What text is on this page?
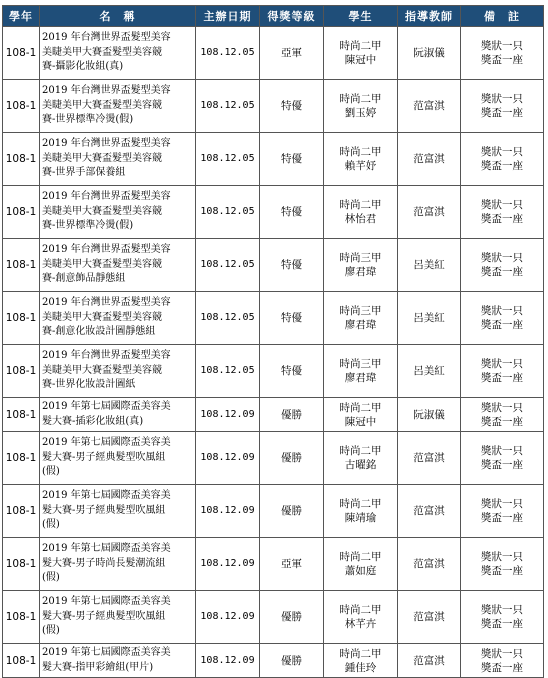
學年	名　稱	主辦日期	得獎等級	學生	指導教師	備　註
108-1	2019 年台灣世界盃髮型美容
美睫美甲大賽盃髮型美容競
賽-攝影化妝組(真)	108.12.05	亞軍	時尚二甲
陳冠中	阮淑儀	獎狀一只
獎盃一座

108-1	2019 年台灣世界盃髮型美容
美睫美甲大賽盃髮型美容競
賽-世界標準冷燙(假)	108.12.05	特優	時尚二甲
劉玉婷	范富淇	獎狀一只
獎盃一座

108-1	2019 年台灣世界盃髮型美容
美睫美甲大賽盃髮型美容競
賽-世界手部保養組	108.12.05	特優	時尚二甲
賴芊妤	范富淇	獎狀一只
獎盃一座

108-1	2019 年台灣世界盃髮型美容
美睫美甲大賽盃髮型美容競
賽-世界標準冷燙(假)	108.12.05	特優	時尚二甲
林怡君	范富淇	獎狀一只
獎盃一座

108-1	2019 年台灣世界盃髮型美容
美睫美甲大賽盃髮型美容競
賽-創意飾品靜態組	108.12.05	特優	時尚三甲
廖君瑋	呂美紅	獎狀一只
獎盃一座

108-1	2019 年台灣世界盃髮型美容
美睫美甲大賽盃髮型美容競
賽-創意化妝設計圖靜態組	108.12.05	特優	時尚三甲
廖君瑋	呂美紅	獎狀一只
獎盃一座

108-1	2019 年台灣世界盃髮型美容
美睫美甲大賽盃髮型美容競
賽-世界化妝設計圖紙	108.12.05	特優	時尚三甲
廖君瑋	呂美紅	獎狀一只
獎盃一座

108-1	2019 年第七屆國際盃美容美
髮大賽-插彩化妝組(真)	108.12.09	優勝	時尚二甲
陳冠中	阮淑儀	獎狀一只
獎盃一座

108-1	2019 年第七屆國際盃美容美
髮大賽-男子經典髮型吹風組
(假)	108.12.09	優勝	時尚二甲
古曜銘	范富淇	獎狀一只
獎盃一座

108-1	2019 年第七屆國際盃美容美
髮大賽-男子經典髮型吹風組
(假)	108.12.09	優勝	時尚二甲
陳靖瑜	范富淇	獎狀一只
獎盃一座

108-1	2019 年第七屆國際盃美容美
髮大賽-男子時尚長髮潮流組
(假)	108.12.09	亞軍	時尚二甲
蕭如庭	范富淇	獎狀一只
獎盃一座

108-1	2019 年第七屆國際盃美容美
髮大賽-男子經典髮型吹風組
(假)	108.12.09	優勝	時尚二甲
林芊卉	范富淇	獎狀一只
獎盃一座

108-1	2019 年第七屆國際盃美容美
髮大賽-指甲彩繪組(甲片)	108.12.09	優勝	時尚二甲
鍾佳玲	范富淇	獎狀一只
獎盃一座
